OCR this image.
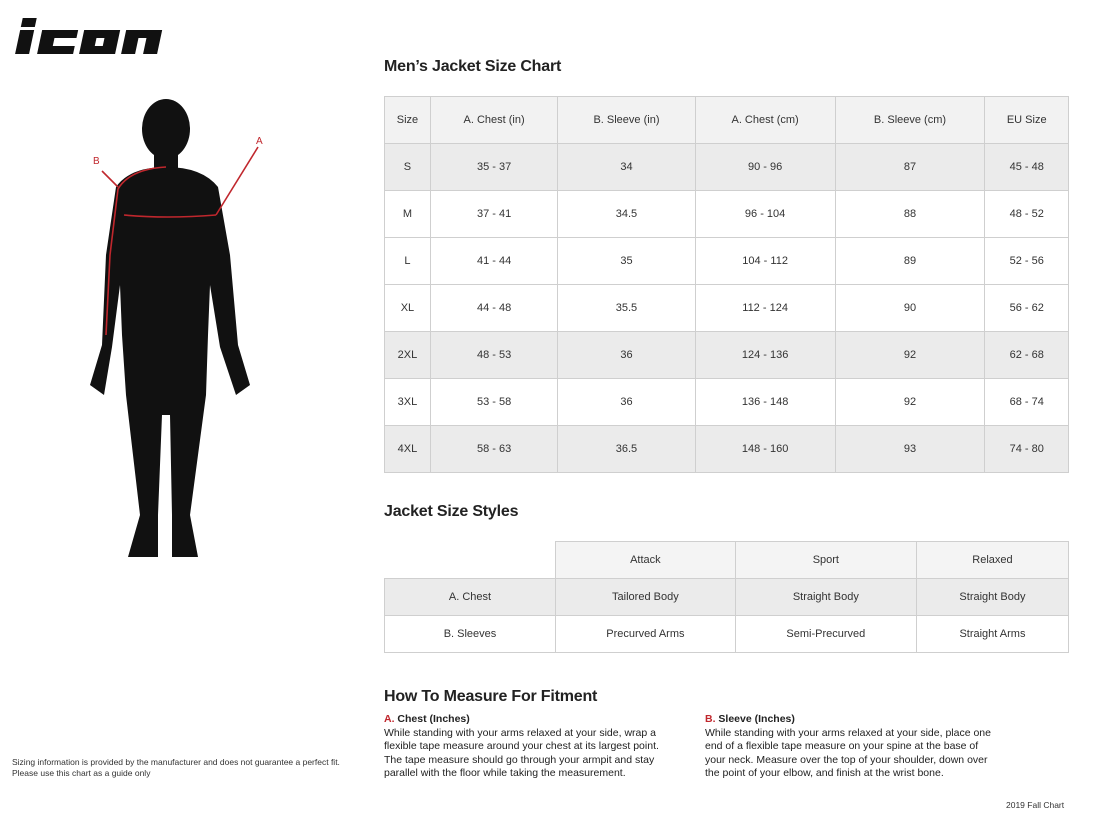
A
B
Men’s Jacket Size Chart
Size	A. Chest (in)	B. Sleeve (in)	A. Chest (cm)	B. Sleeve (cm)	EU Size
S	35 - 37	34	90 - 96	87	45 - 48
M	37 - 41	34.5	96 - 104	88	48 - 52
L	41 - 44	35	104 - 112	89	52 - 56
XL	44 - 48	35.5	112 - 124	90	56 - 62
2XL	48 - 53	36	124 - 136	92	62 - 68
3XL	53 - 58	36	136 - 148	92	68 - 74
4XL	58 - 63	36.5	148 - 160	93	74 - 80
Jacket Size Styles
	Attack	Sport	Relaxed
A. Chest	Tailored Body	Straight Body	Straight Body
B. Sleeves	Precurved Arms	Semi-Precurved	Straight Arms
How To Measure For Fitment
A. Chest (Inches)
While standing with your arms relaxed at your side, wrap a
flexible tape measure around your chest at its largest point.
The tape measure should go through your armpit and stay
parallel with the floor while taking the measurement.
B. Sleeve (Inches)
While standing with your arms relaxed at your side, place one
end of a flexible tape measure on your spine at the base of
your neck. Measure over the top of your shoulder, down over
the point of your elbow, and finish at the wrist bone.
Sizing information is provided by the manufacturer and does not guarantee a perfect fit.
Please use this chart as a guide only
2019 Fall Chart
